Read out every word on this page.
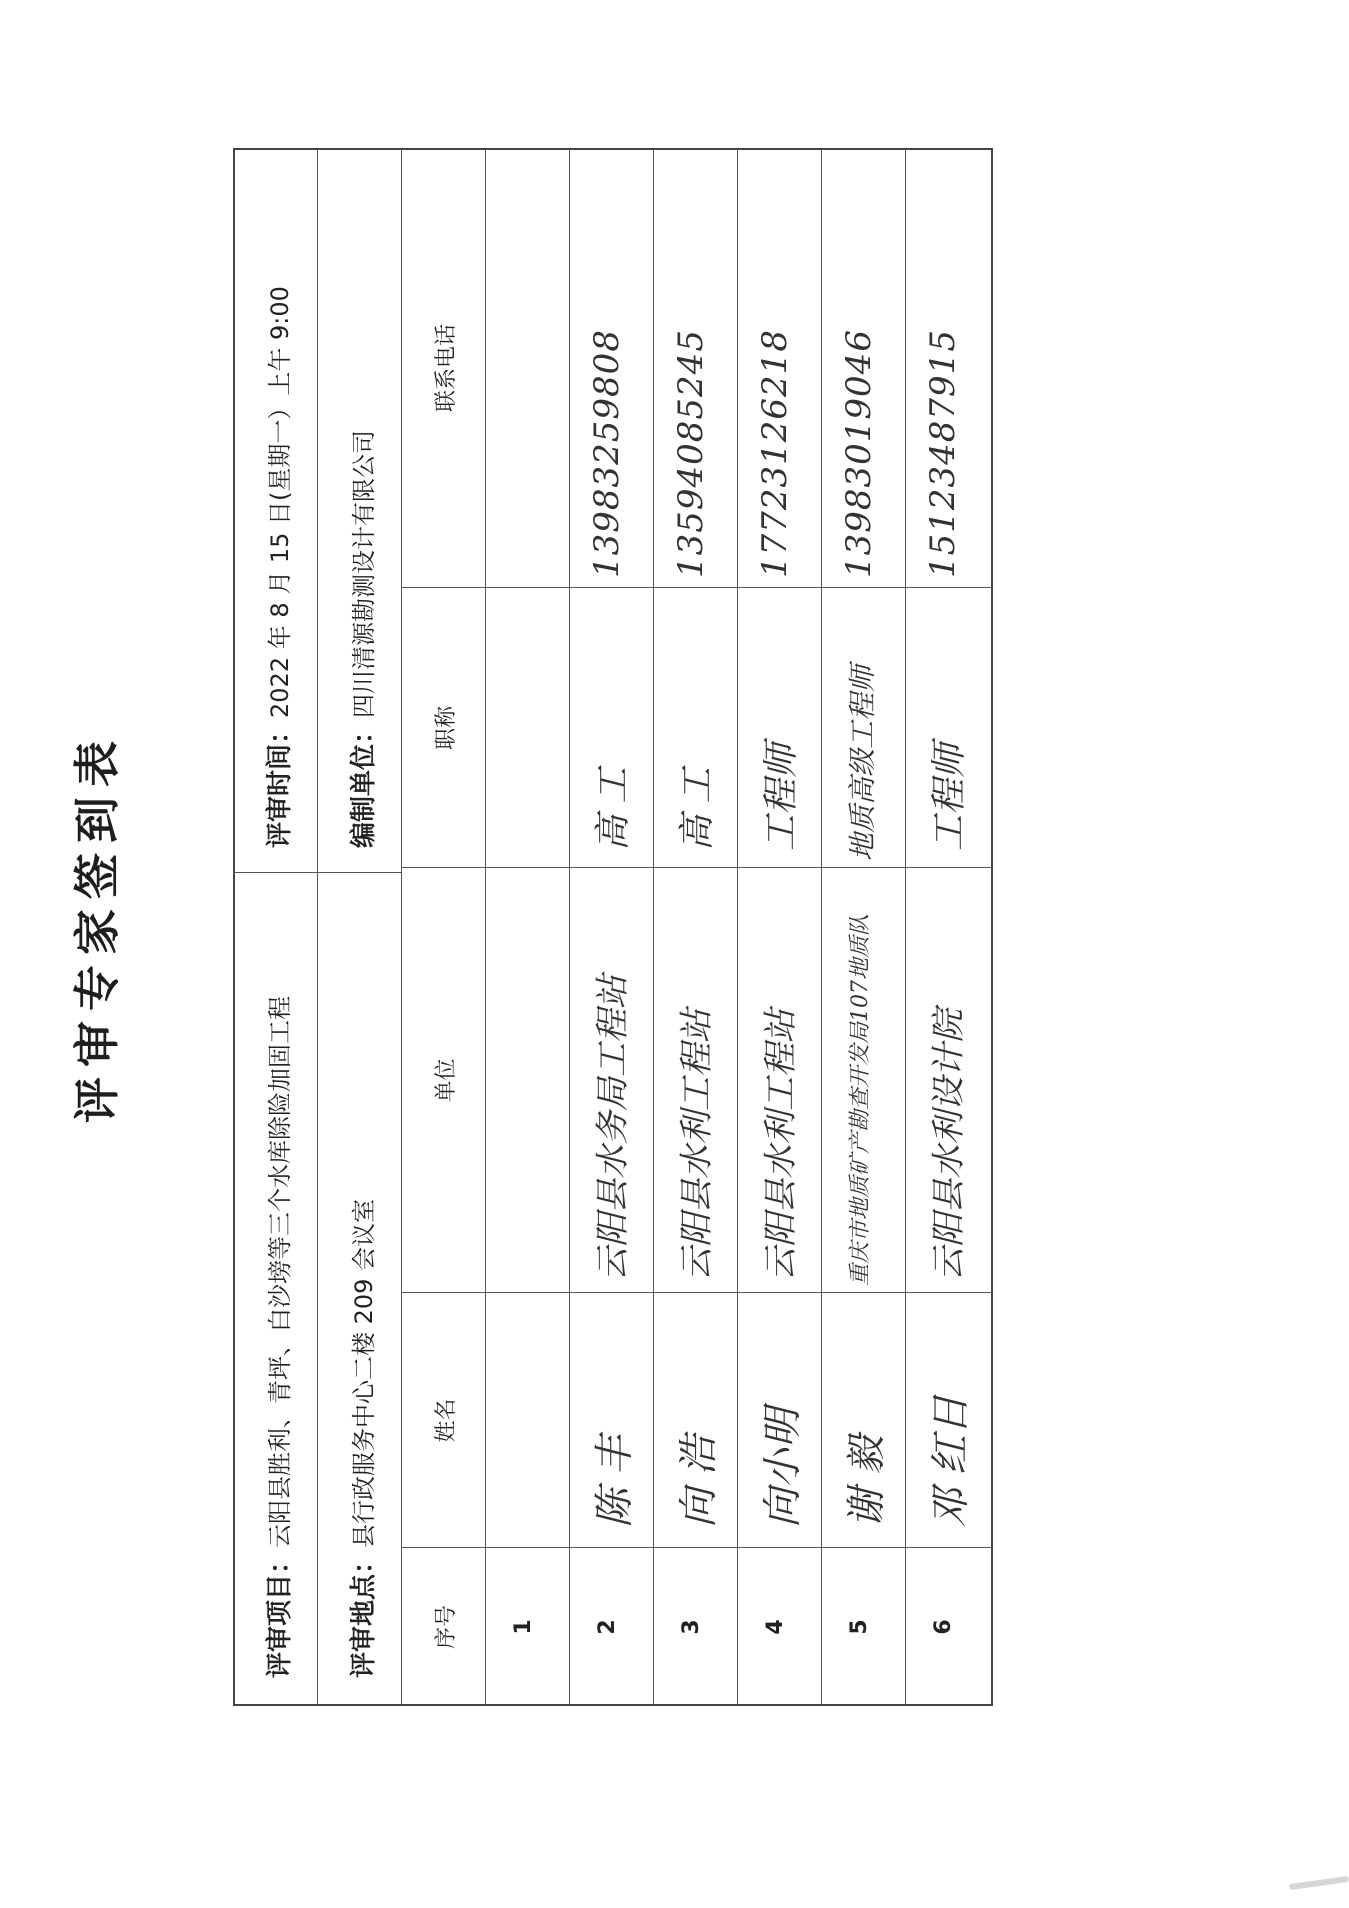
评审专家签到表
评审项目：云阳县胜利、青坪、白沙塝等三个水库除险加固工程
评审时间：2022 年 8 月 15 日(星期一）上午 9:00
评审地点：县行政服务中心二楼 209 会议室
编制单位：四川清源勘测设计有限公司
序号
姓名
单位
职称
联系电话
1	2
陈 丰
云阳县水务局工程站
高 工
13983259808
3
向 浩
云阳县水利工程站
高 工
13594085245
4
向小明
云阳县水利工程站
工程师
17723126218
5
谢 毅
重庆市地质矿产勘查开发局107地质队
地质高级工程师
13983019046
6
邓 红日
云阳县水利设计院
工程师
15123487915
